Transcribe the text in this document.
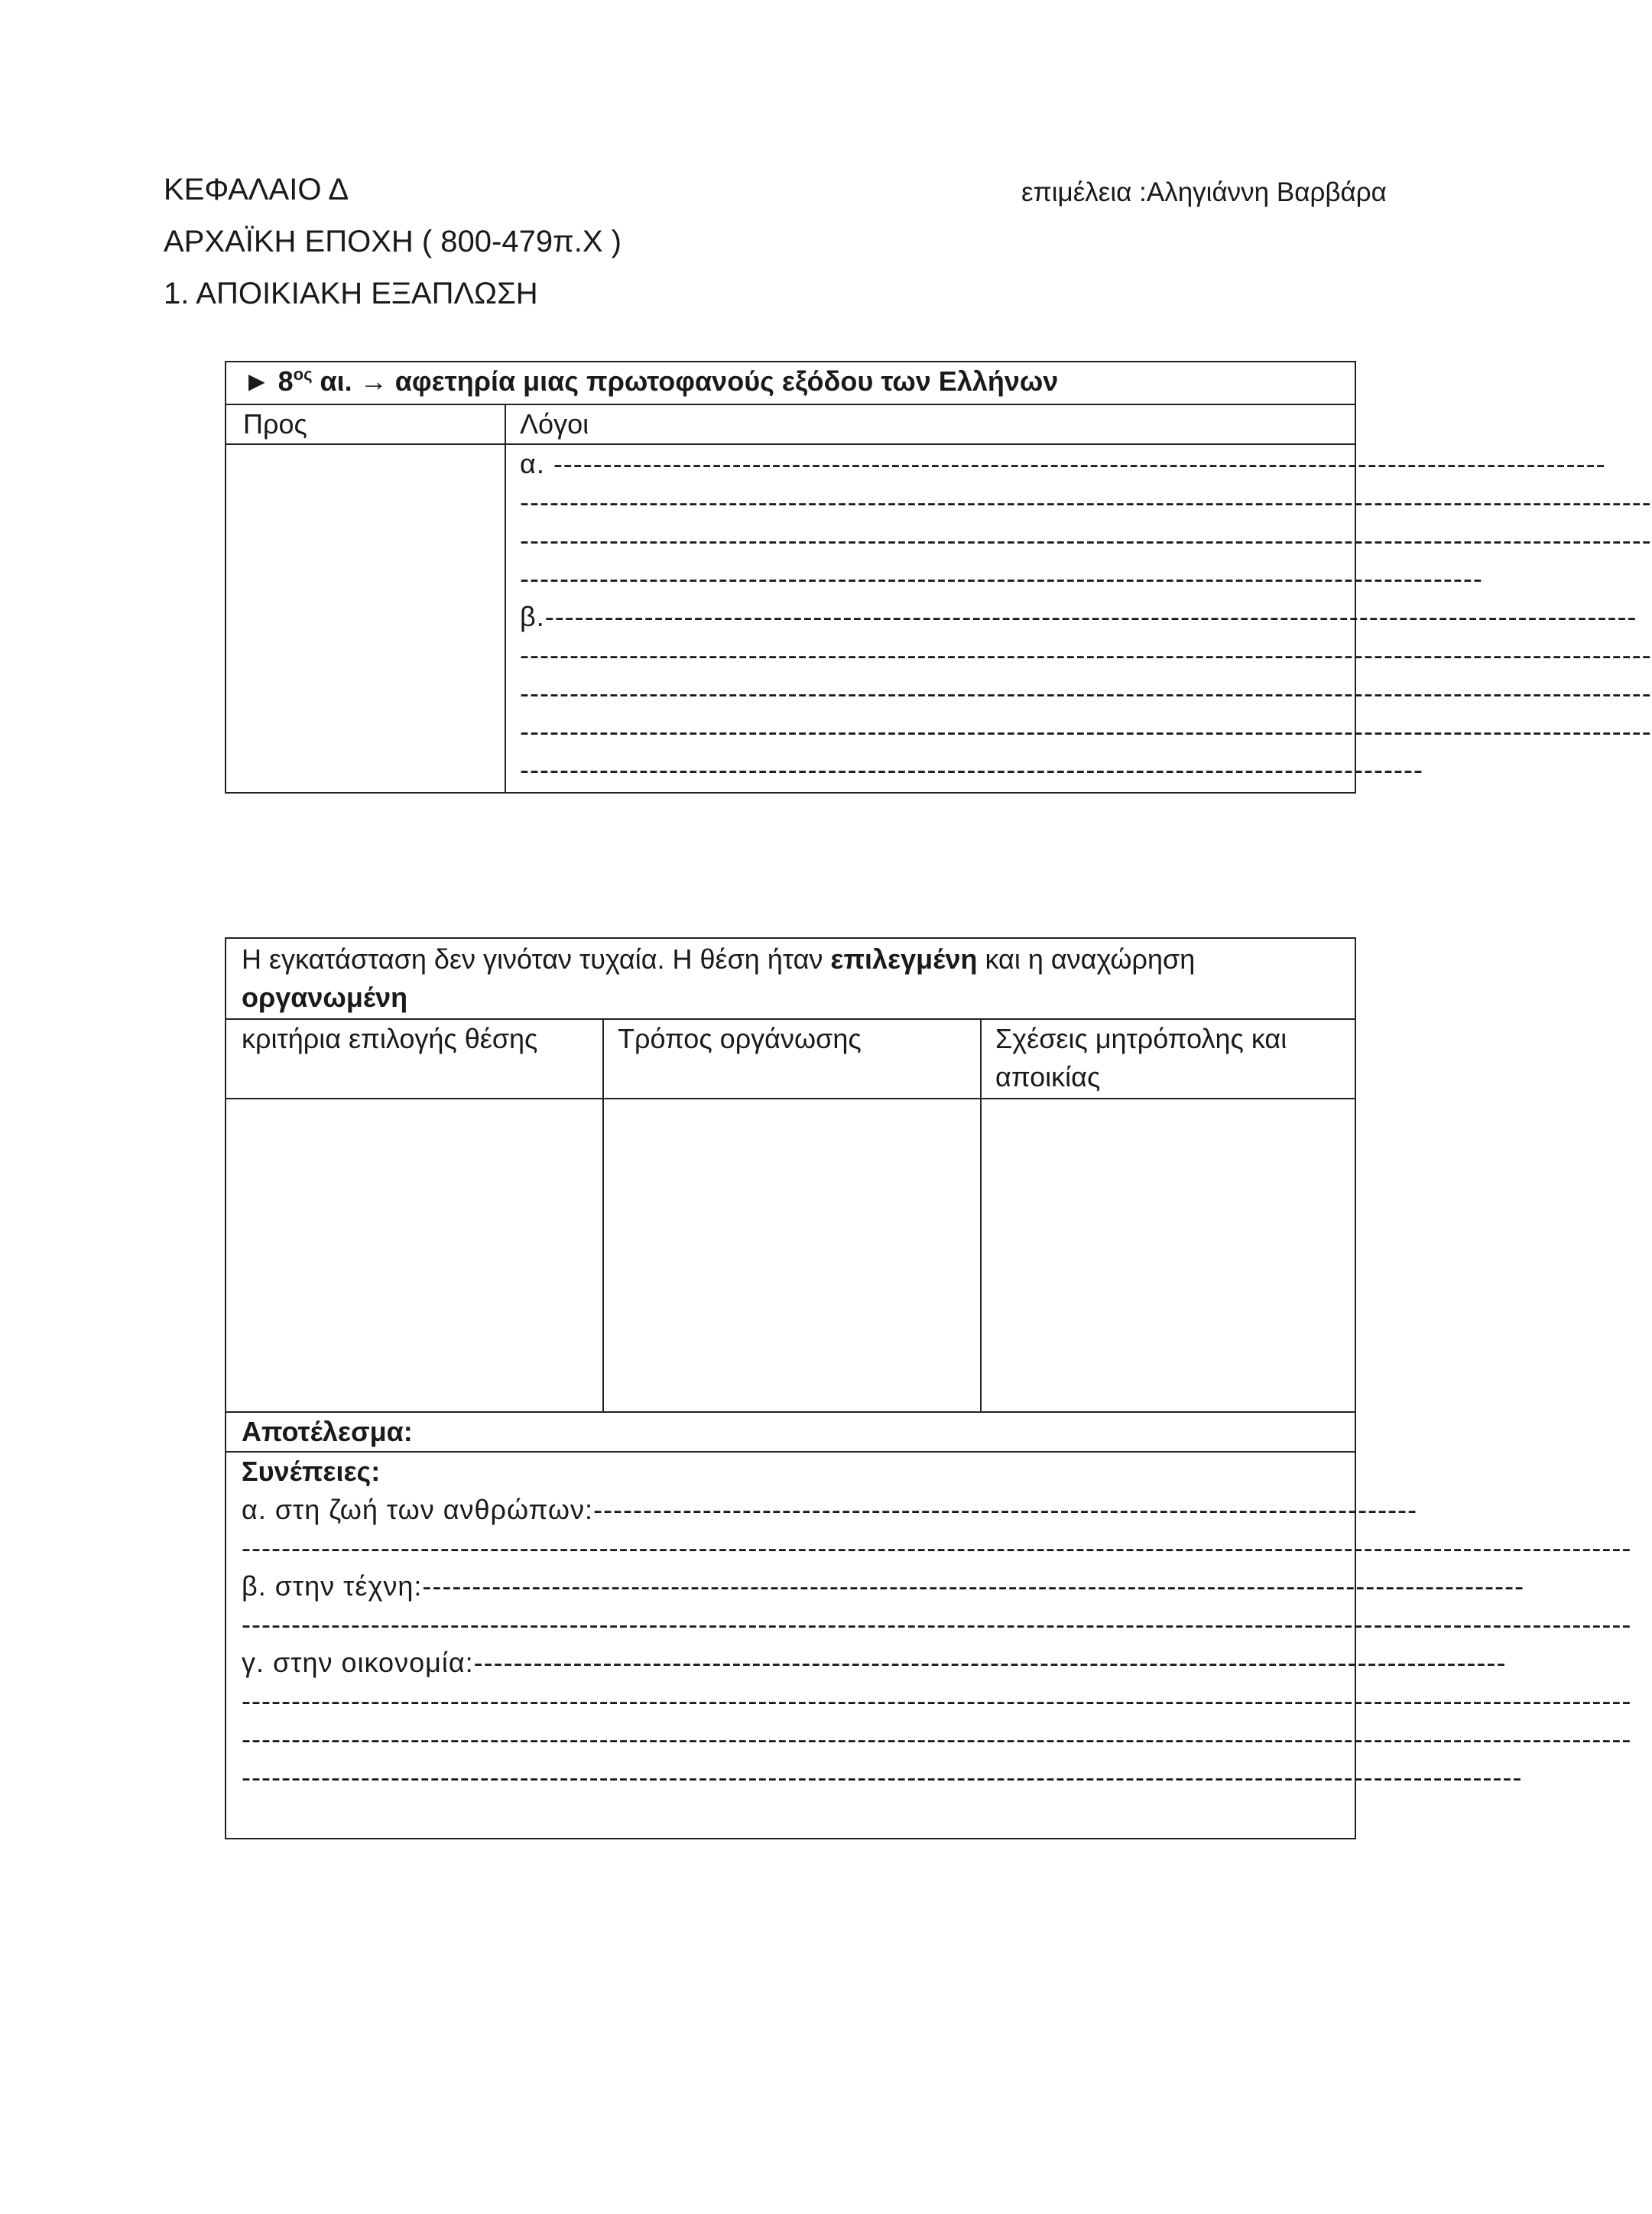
ΚΕΦΑΛΑΙΟ Δ	επιμέλεια :Αληγιάννη Βαρβάρα
ΑΡΧΑΪΚΗ ΕΠΟΧΗ ( 800-479π.Χ )
1. ΑΠΟΙΚΙΑΚΗ ΕΞΑΠΛΩΣΗ
► $8^{o\varsigma}$ αι. → αφετηρία μιας πρωτοφανούς εξόδου των Ελλήνων
Προς	Λόγοι
α. ----------------------------------------------------------------------------------------------------------
------------------------------------------------------------------------------------------------------------------
------------------------------------------------------------------------------------------------------------------
-------------------------------------------------------------------------------------------------
β.--------------------------------------------------------------------------------------------------------------
------------------------------------------------------------------------------------------------------------------
------------------------------------------------------------------------------------------------------------------
------------------------------------------------------------------------------------------------------------------
-------------------------------------------------------------------------------------------
Η εγκατάσταση δεν γινόταν τυχαία. Η θέση ήταν επιλεγμένη και η αναχώρηση
οργανωμένη
κριτήρια επιλογής θέσης	Τρόπος οργάνωσης	Σχέσεις μητρόπολης και
αποικίας
Αποτέλεσμα:
Συνέπειες:
α. στη ζωή των ανθρώπων:-----------------------------------------------------------------------------------
--------------------------------------------------------------------------------------------------------------------------------------------
β. στην τέχνη:---------------------------------------------------------------------------------------------------------------
--------------------------------------------------------------------------------------------------------------------------------------------
γ. στην οικονομία:--------------------------------------------------------------------------------------------------------
--------------------------------------------------------------------------------------------------------------------------------------------
--------------------------------------------------------------------------------------------------------------------------------------------
---------------------------------------------------------------------------------------------------------------------------------
